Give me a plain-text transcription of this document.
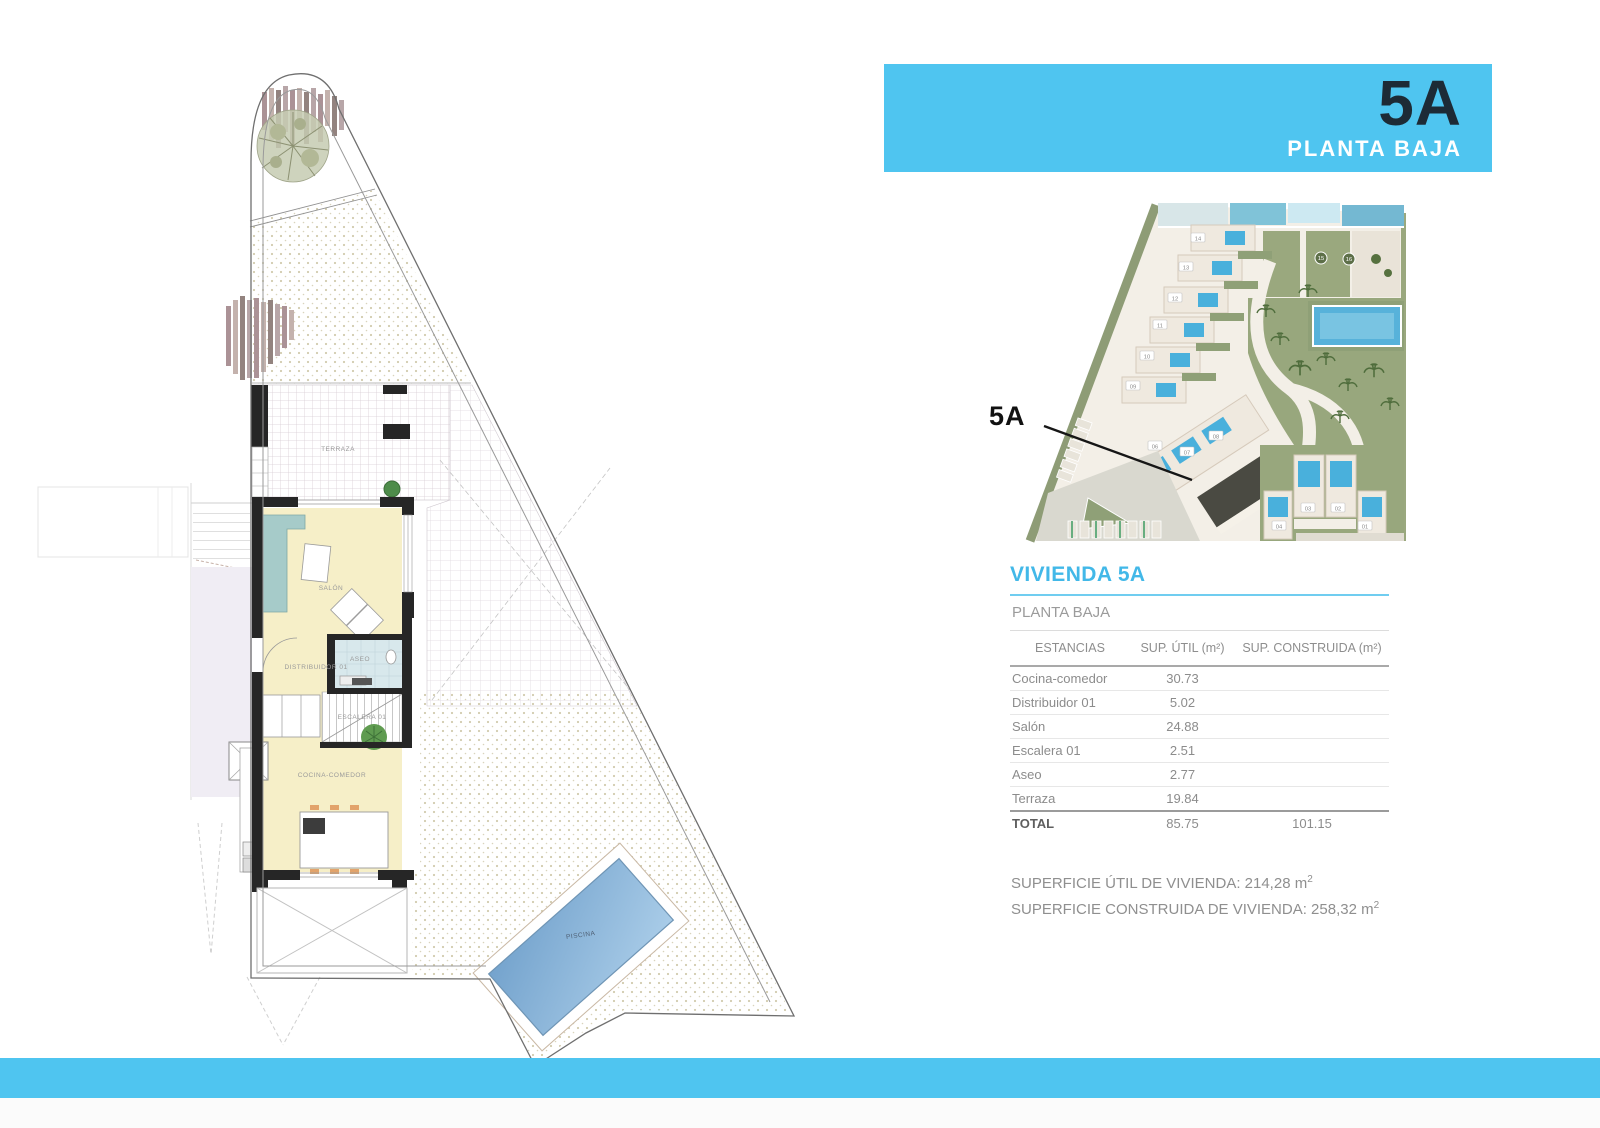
TERRAZA
SALÓN
DISTRIBUIDOR 01
ASEO
ESCALERA 01
COCINA-COMEDOR
PISCINA
5A
PLANTA BAJA
01
02
03
04
06
07
08
09
10
11
12
13
14
15	16
5A
VIVIENDA 5A
PLANTA BAJA
ESTANCIAS	SUP. ÚTIL (m²)	SUP. CONSTRUIDA (m²)
Cocina-comedor	30.73
Distribuidor 01	5.02
Salón	24.88
Escalera 01	2.51
Aseo	2.77
Terraza	19.84
TOTAL	85.75	101.15
SUPERFICIE ÚTIL DE VIVIENDA: 214,28 $m^2$
SUPERFICIE CONSTRUIDA DE VIVIENDA: 258,32 $m^2$
